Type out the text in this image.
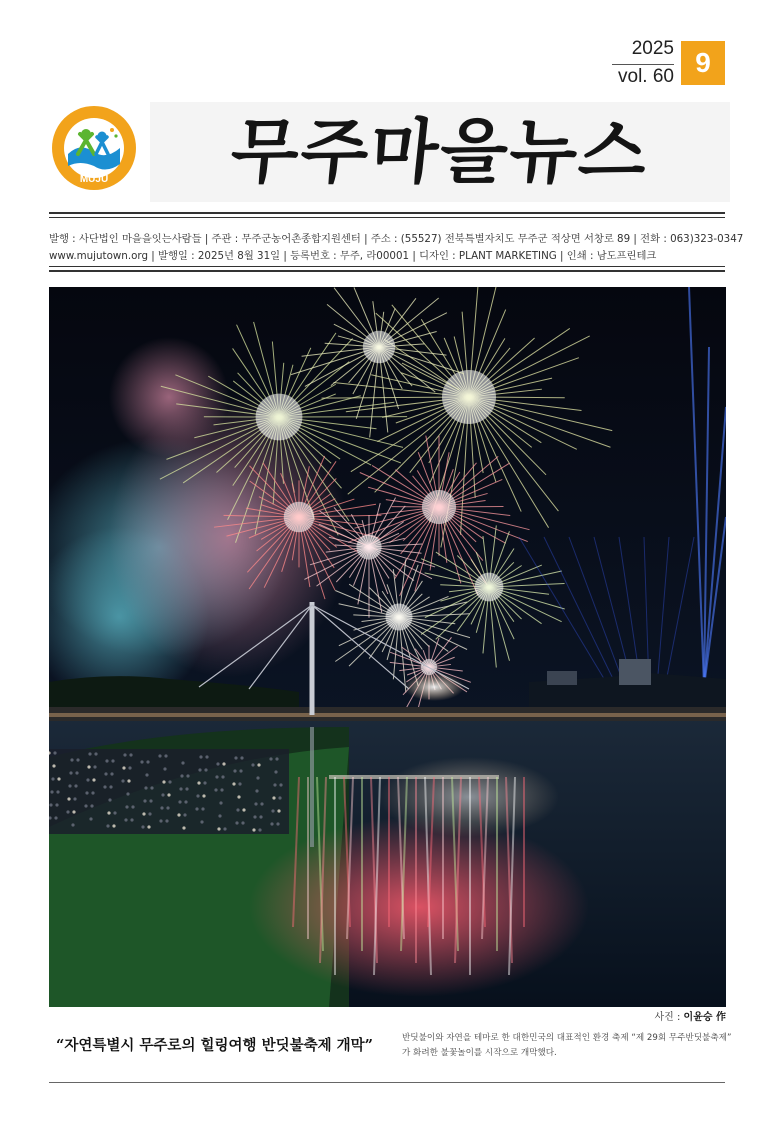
2025
vol. 60 9
MUJU	무주마을뉴스
발행 : 사단법인 마을을잇는사람들 | 주관 : 무주군농어촌종합지원센터 | 주소 : (55527) 전북특별자치도 무주군 적상면 서창로 89 | 전화 : 063)323-0347
www.mujutown.org | 발행일 : 2025년 8월 31일 | 등록번호 : 무주, 라00001 | 디자인 : PLANT MARKETING | 인쇄 : 남도프린테크
사진 : 이윤승 作
“자연특별시 무주로의 힐링여행 반딧불축제 개막”	반딧불이와 자연을 테마로 한 대한민국의 대표적인 환경 축제 “제 29회 무주반딧불축제”
가 화려한 불꽃놀이를 시작으로 개막했다.
